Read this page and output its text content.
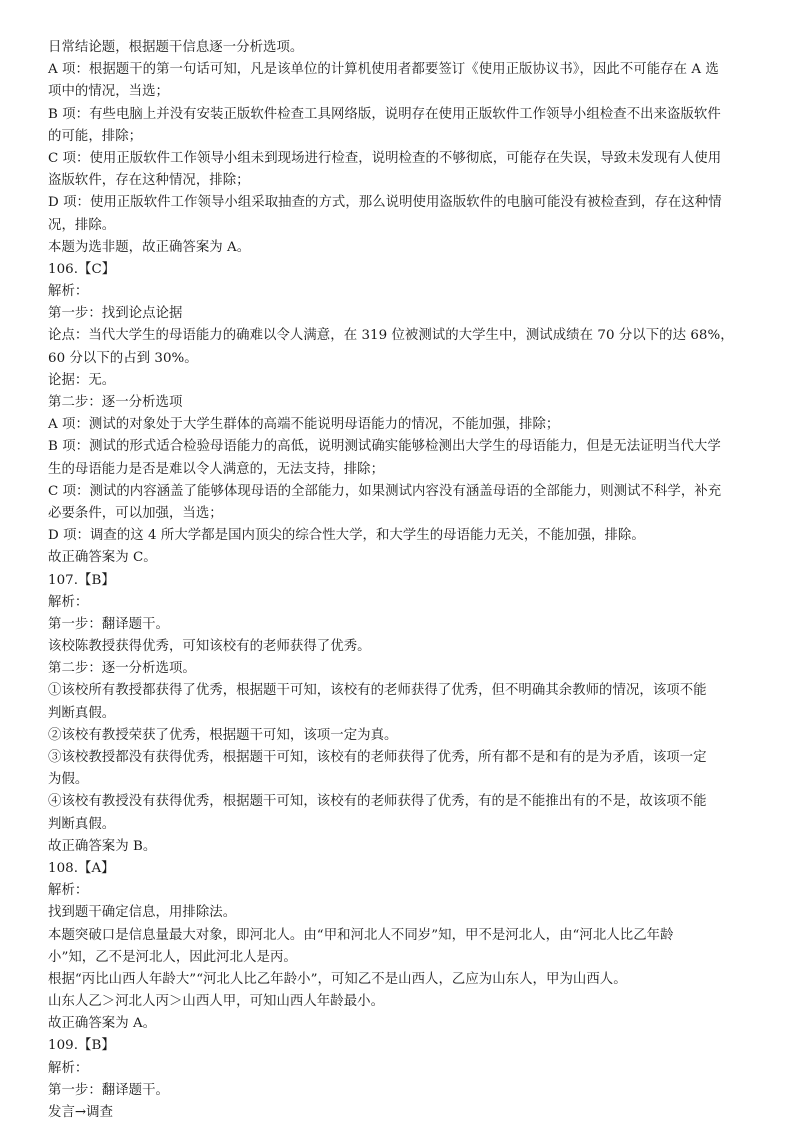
日常结论题，根据题干信息逐一分析选项。
A 项：根据题干的第一句话可知，凡是该单位的计算机使用者都要签订《使用正版协议书》，因此不可能存在 A 选
项中的情况，当选；
B 项：有些电脑上并没有安装正版软件检查工具网络版，说明存在使用正版软件工作领导小组检查不出来盗版软件
的可能，排除；
C 项：使用正版软件工作领导小组未到现场进行检查，说明检查的不够彻底，可能存在失误，导致未发现有人使用
盗版软件，存在这种情况，排除；
D 项：使用正版软件工作领导小组采取抽查的方式，那么说明使用盗版软件的电脑可能没有被检查到，存在这种情
况，排除。
本题为选非题，故正确答案为 A。
106.【C】
解析：
第一步：找到论点论据
论点：当代大学生的母语能力的确难以令人满意，在 319 位被测试的大学生中，测试成绩在 70 分以下的达 68%，
60 分以下的占到 30%。
论据：无。
第二步：逐一分析选项
A 项：测试的对象处于大学生群体的高端不能说明母语能力的情况，不能加强，排除；
B 项：测试的形式适合检验母语能力的高低，说明测试确实能够检测出大学生的母语能力，但是无法证明当代大学
生的母语能力是否是难以令人满意的，无法支持，排除；
C 项：测试的内容涵盖了能够体现母语的全部能力，如果测试内容没有涵盖母语的全部能力，则测试不科学，补充
必要条件，可以加强，当选；
D 项：调查的这 4 所大学都是国内顶尖的综合性大学，和大学生的母语能力无关，不能加强，排除。
故正确答案为 C。
107.【B】
解析：
第一步：翻译题干。
该校陈教授获得优秀，可知该校有的老师获得了优秀。
第二步：逐一分析选项。
①该校所有教授都获得了优秀，根据题干可知，该校有的老师获得了优秀，但不明确其余教师的情况，该项不能
判断真假。
②该校有教授荣获了优秀，根据题干可知，该项一定为真。
③该校教授都没有获得优秀，根据题干可知，该校有的老师获得了优秀，所有都不是和有的是为矛盾，该项一定
为假。
④该校有教授没有获得优秀，根据题干可知，该校有的老师获得了优秀，有的是不能推出有的不是，故该项不能
判断真假。
故正确答案为 B。
108.【A】
解析：
找到题干确定信息，用排除法。
本题突破口是信息量最大对象，即河北人。由“甲和河北人不同岁”知，甲不是河北人，由“河北人比乙年龄
小”知，乙不是河北人，因此河北人是丙。
根据“丙比山西人年龄大”“河北人比乙年龄小”，可知乙不是山西人，乙应为山东人，甲为山西人。
山东人乙＞河北人丙＞山西人甲，可知山西人年龄最小。
故正确答案为 A。
109.【B】
解析：
第一步：翻译题干。
发言→调查
